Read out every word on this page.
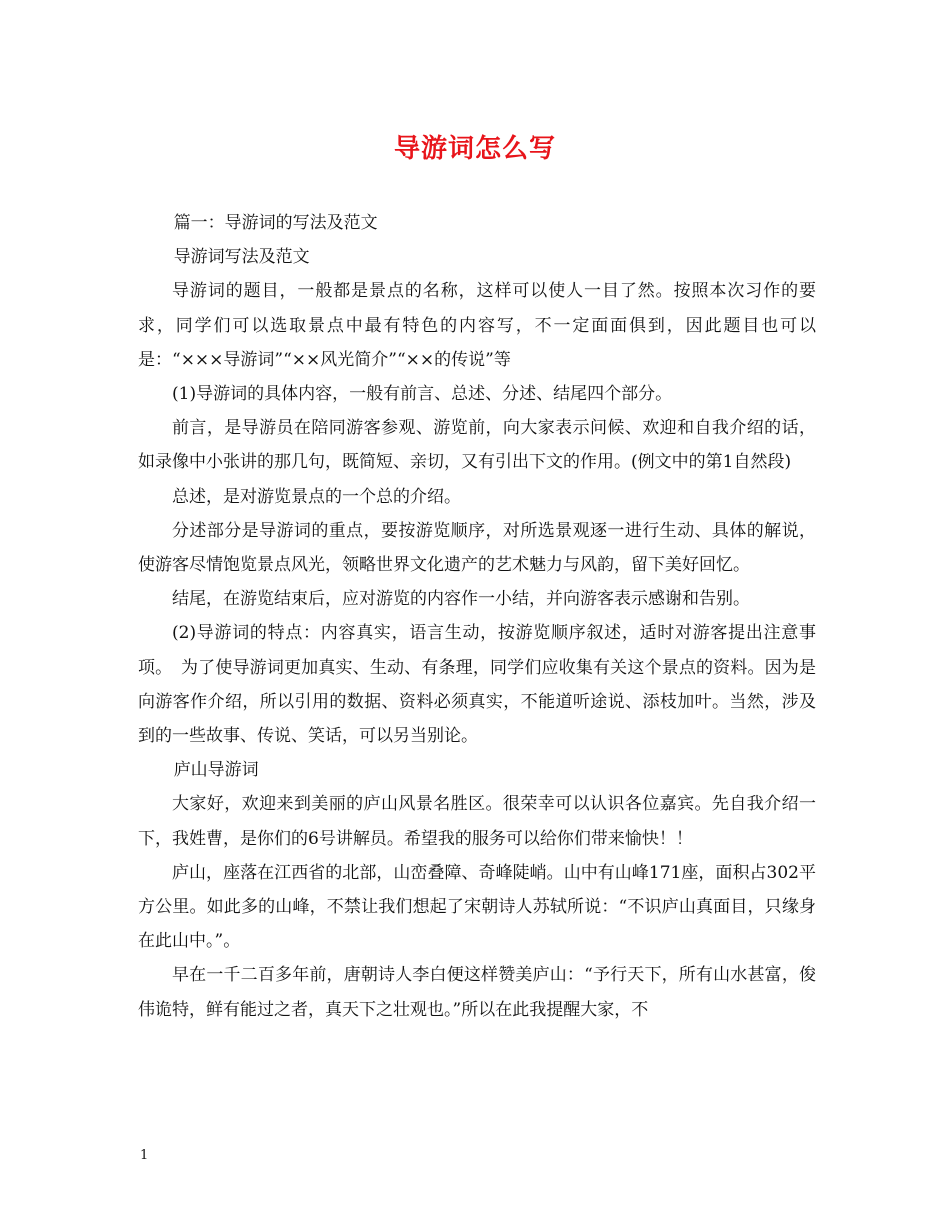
导游词怎么写

篇一：导游词的写法及范文

导游词写法及范文

导游词的题目，一般都是景点的名称，这样可以使人一目了然。按照本次习作的要求，同学们可以选取景点中最有特色的内容写，不一定面面俱到，因此题目也可以是：“×××导游词”“××风光简介”“××的传说”等

(1)导游词的具体内容，一般有前言、总述、分述、结尾四个部分。

前言，是导游员在陪同游客参观、游览前，向大家表示问候、欢迎和自我介绍的话，如录像中小张讲的那几句，既简短、亲切，又有引出下文的作用。(例文中的第1自然段)

总述，是对游览景点的一个总的介绍。

分述部分是导游词的重点，要按游览顺序，对所选景观逐一进行生动、具体的解说，使游客尽情饱览景点风光，领略世界文化遗产的艺术魅力与风韵，留下美好回忆。

结尾，在游览结束后，应对游览的内容作一小结，并向游客表示感谢和告别。

(2)导游词的特点：内容真实，语言生动，按游览顺序叙述，适时对游客提出注意事项。　为了使导游词更加真实、生动、有条理，同学们应收集有关这个景点的资料。因为是向游客作介绍，所以引用的数据、资料必须真实，不能道听途说、添枝加叶。当然，涉及到的一些故事、传说、笑话，可以另当别论。

庐山导游词

大家好，欢迎来到美丽的庐山风景名胜区。很荣幸可以认识各位嘉宾。先自我介绍一下，我姓曹，是你们的6号讲解员。希望我的服务可以给你们带来愉快！！

庐山，座落在江西省的北部，山峦叠障、奇峰陡峭。山中有山峰171座，面积占302平方公里。如此多的山峰，不禁让我们想起了宋朝诗人苏轼所说：“不识庐山真面目，只缘身在此山中。”。

早在一千二百多年前，唐朝诗人李白便这样赞美庐山：“予行天下，所有山水甚富，俊伟诡特，鲜有能过之者，真天下之壮观也。”所以在此我提醒大家，不

1
